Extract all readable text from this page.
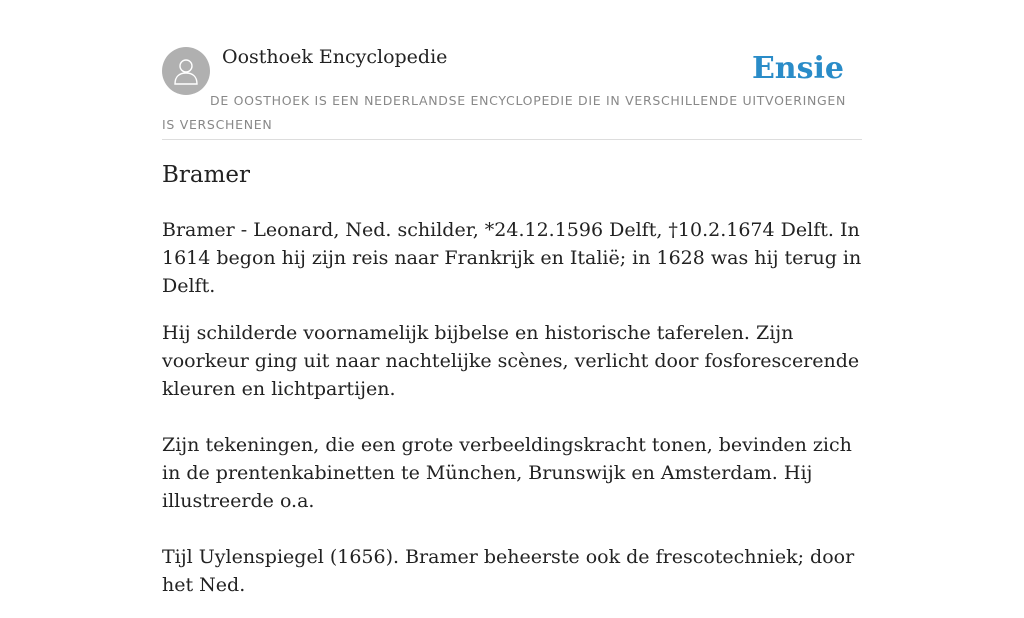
Oosthoek Encyclopedie	Ensie
DE OOSTHOEK IS EEN NEDERLANDSE ENCYCLOPEDIE DIE IN VERSCHILLENDE UITVOERINGEN IS VERSCHENEN
Bramer

Bramer - Leonard, Ned. schilder, *24.12.1596 Delft, †10.2.1674 Delft. In 1614 begon hij zijn reis naar Frankrijk en Italië; in 1628 was hij terug in Delft.

Hij schilderde voornamelijk bijbelse en historische taferelen. Zijn voorkeur ging uit naar nachtelijke scènes, verlicht door fosforescerende kleuren en lichtpartijen.

Zijn tekeningen, die een grote verbeeldingskracht tonen, bevinden zich in de prentenkabinetten te München, Brunswijk en Amsterdam. Hij illustreerde o.a.

Tijl Uylenspiegel (1656). Bramer beheerste ook de frescotechniek; door het Ned.
